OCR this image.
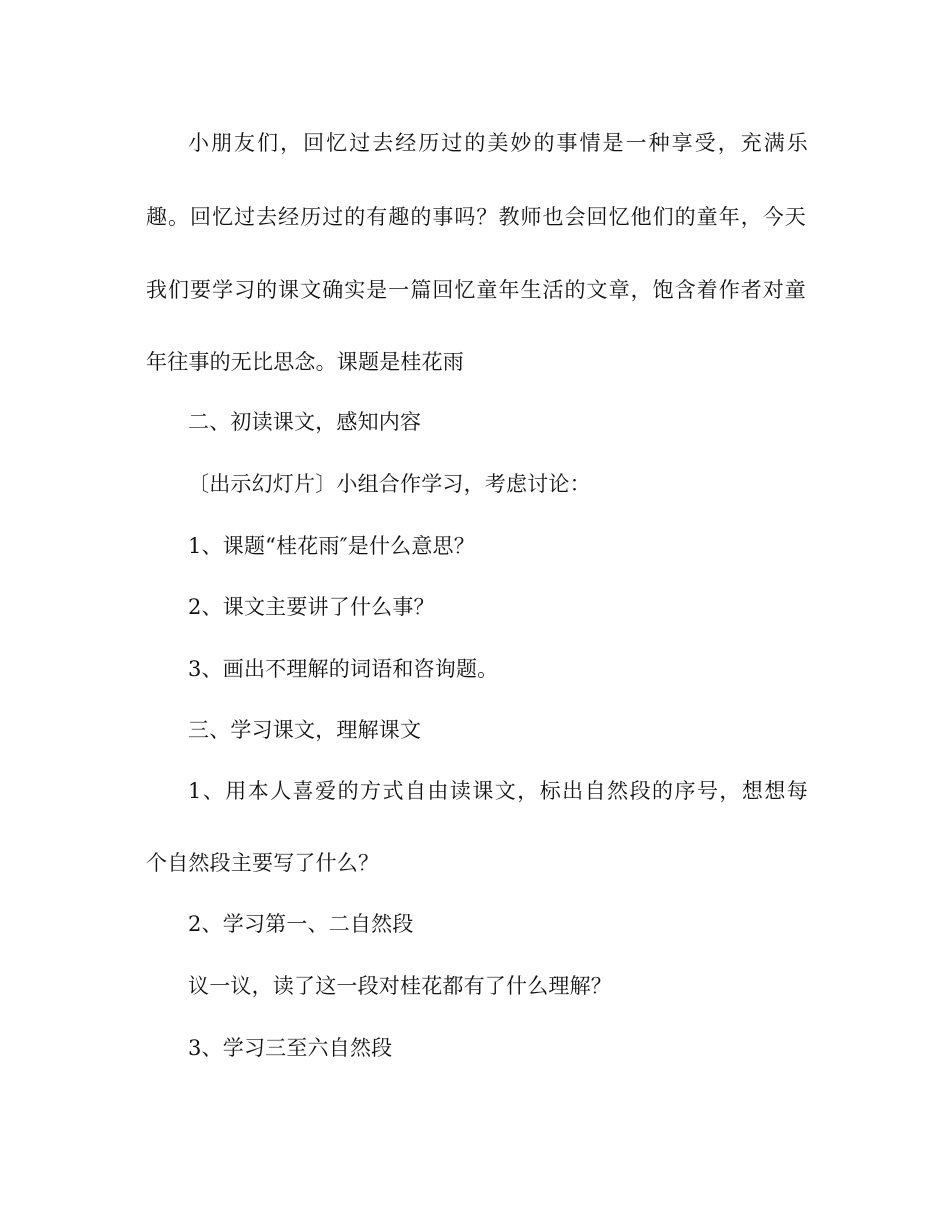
小朋友们，回忆过去经历过的美妙的事情是一种享受，充满乐
趣。回忆过去经历过的有趣的事吗？教师也会回忆他们的童年，今天
我们要学习的课文确实是一篇回忆童年生活的文章，饱含着作者对童
年往事的无比思念。课题是桂花雨
二、初读课文，感知内容
〔出示幻灯片〕小组合作学习，考虑讨论：
1、课题“桂花雨″是什么意思？
2、课文主要讲了什么事？
3、画出不理解的词语和咨询题。
三、学习课文，理解课文
1、用本人喜爱的方式自由读课文，标出自然段的序号，想想每
个自然段主要写了什么？
2、学习第一、二自然段
议一议，读了这一段对桂花都有了什么理解？
3、学习三至六自然段
